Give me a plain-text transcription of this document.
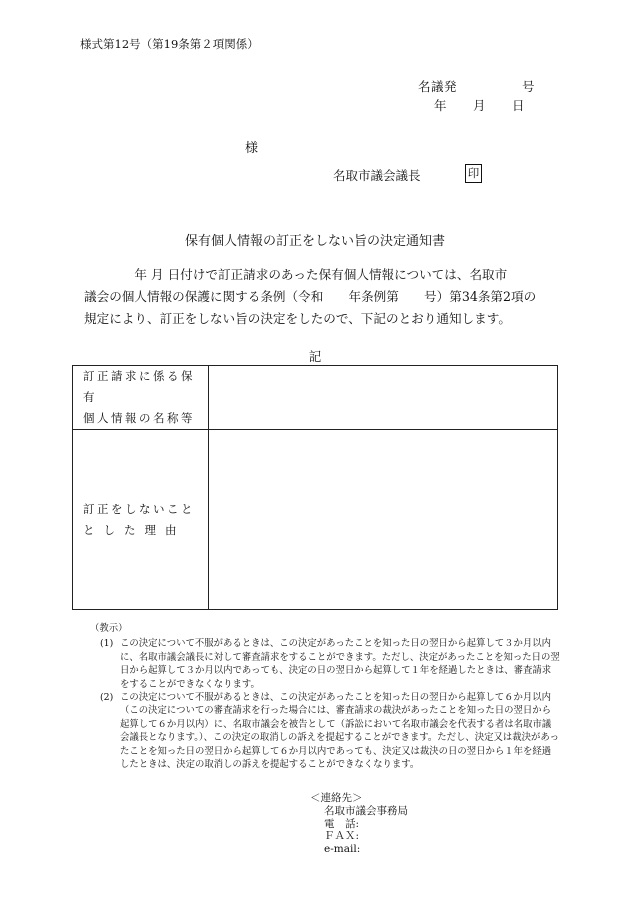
様式第12号（第19条第２項関係）
名議発　　　　　号
年　　月　　日
様
名取市議会議長	印
保有個人情報の訂正をしない旨の決定通知書

　　　　年 月 日付けで訂正請求のあった保有個人情報については、名取市

議会の個人情報の保護に関する条例（令和　　年条例第　　号）第34条第2項の

規定により、訂正をしない旨の決定をしたので、下記のとおり通知します。

記
訂正請求に係る保有
個人情報の名称等	

訂正をしないこと
とした理由	

（教示）

(1) この決定について不服があるときは、この決定があったことを知った日の翌日から起算して３か月以内に、名取市議会議長に対して審査請求をすることができます。ただし、決定があったことを知った日の翌日から起算して３か月以内であっても、決定の日の翌日から起算して１年を経過したときは、審査請求をすることができなくなります。
(2) この決定について不服があるときは、この決定があったことを知った日の翌日から起算して６か月以内（この決定についての審査請求を行った場合には、審査請求の裁決があったことを知った日の翌日から起算して６か月以内）に、名取市議会を被告として（訴訟において名取市議会を代表する者は名取市議会議長となります。）、この決定の取消しの訴えを提起することができます。ただし、決定又は裁決があったことを知った日の翌日から起算して６か月以内であっても、決定又は裁決の日の翌日から１年を経過したときは、決定の取消しの訴えを提起することができなくなります。
＜連絡先＞
名取市議会事務局
電　話:
ＦＡＸ:
e-mail:
